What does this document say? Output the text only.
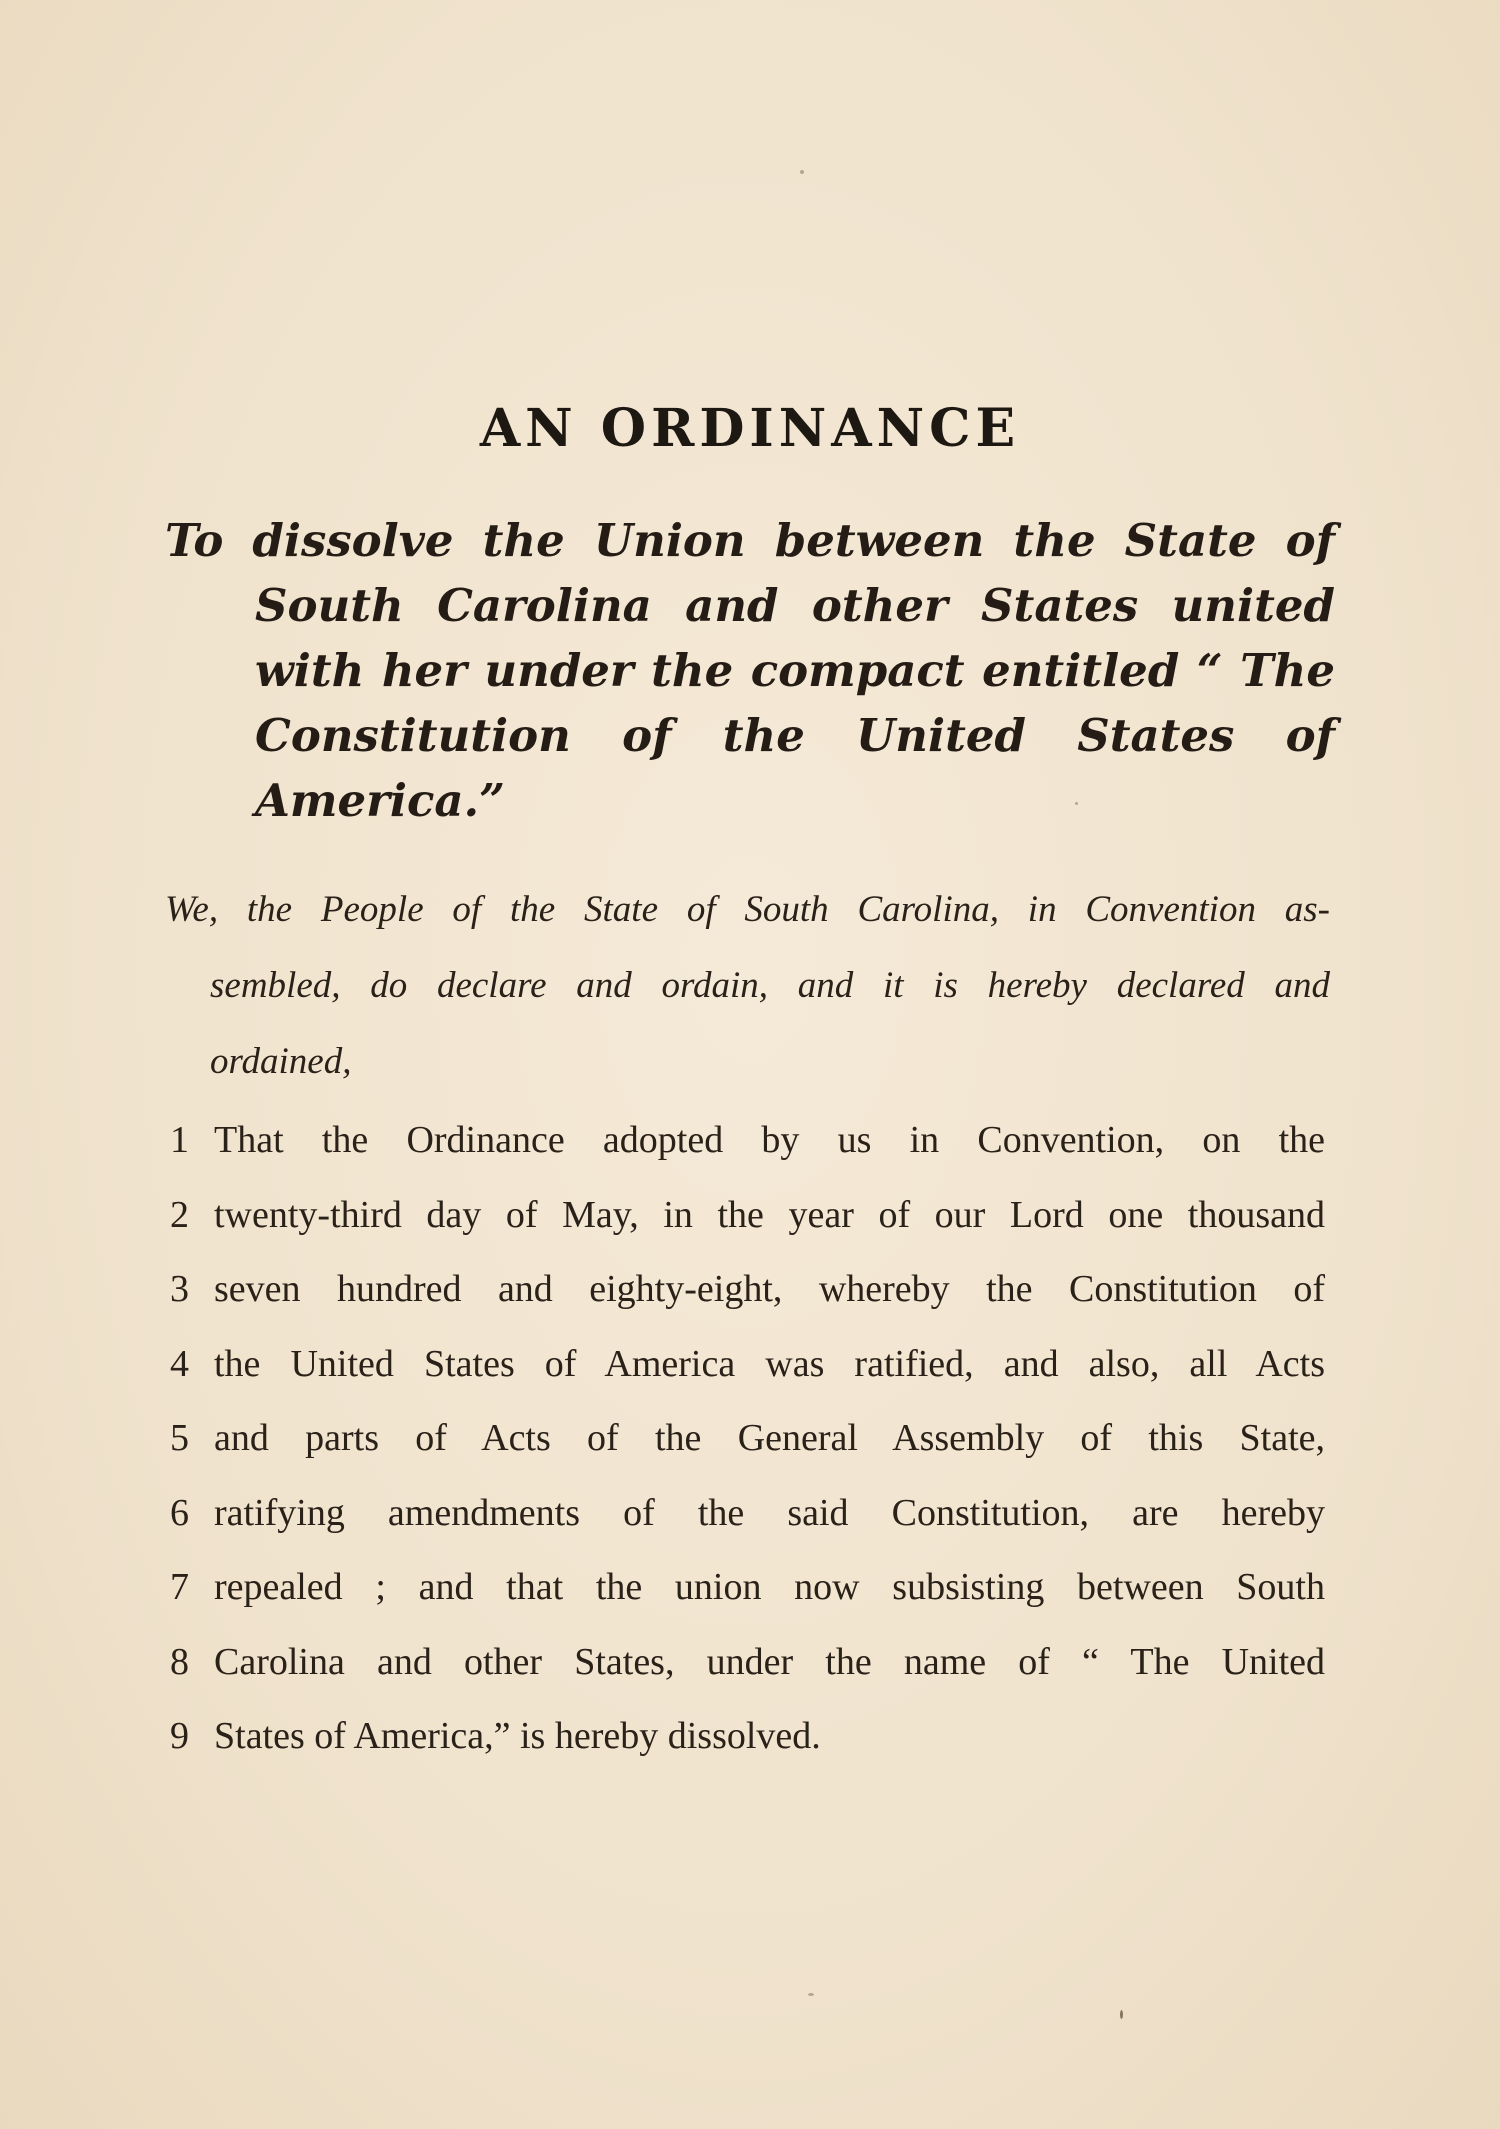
AN ORDINANCE
To dissolve the Union between the State of
South Carolina and other States united
with her under the compact entitled “ The
Constitution of the United States of
America.”
We, the People of the State of South Carolina, in Convention as-
sembled, do declare and ordain, and it is hereby declared and
ordained,
1 That the Ordinance adopted by us in Convention, on the
2 twenty-third day of May, in the year of our Lord one thousand
3 seven hundred and eighty-eight, whereby the Constitution of
4 the United States of America was ratified, and also, all Acts
5 and parts of Acts of the General Assembly of this State,
6 ratifying amendments of the said Constitution, are hereby
7 repealed ; and that the union now subsisting between South
8 Carolina and other States, under the name of “ The United
9 States of America,” is hereby dissolved.
